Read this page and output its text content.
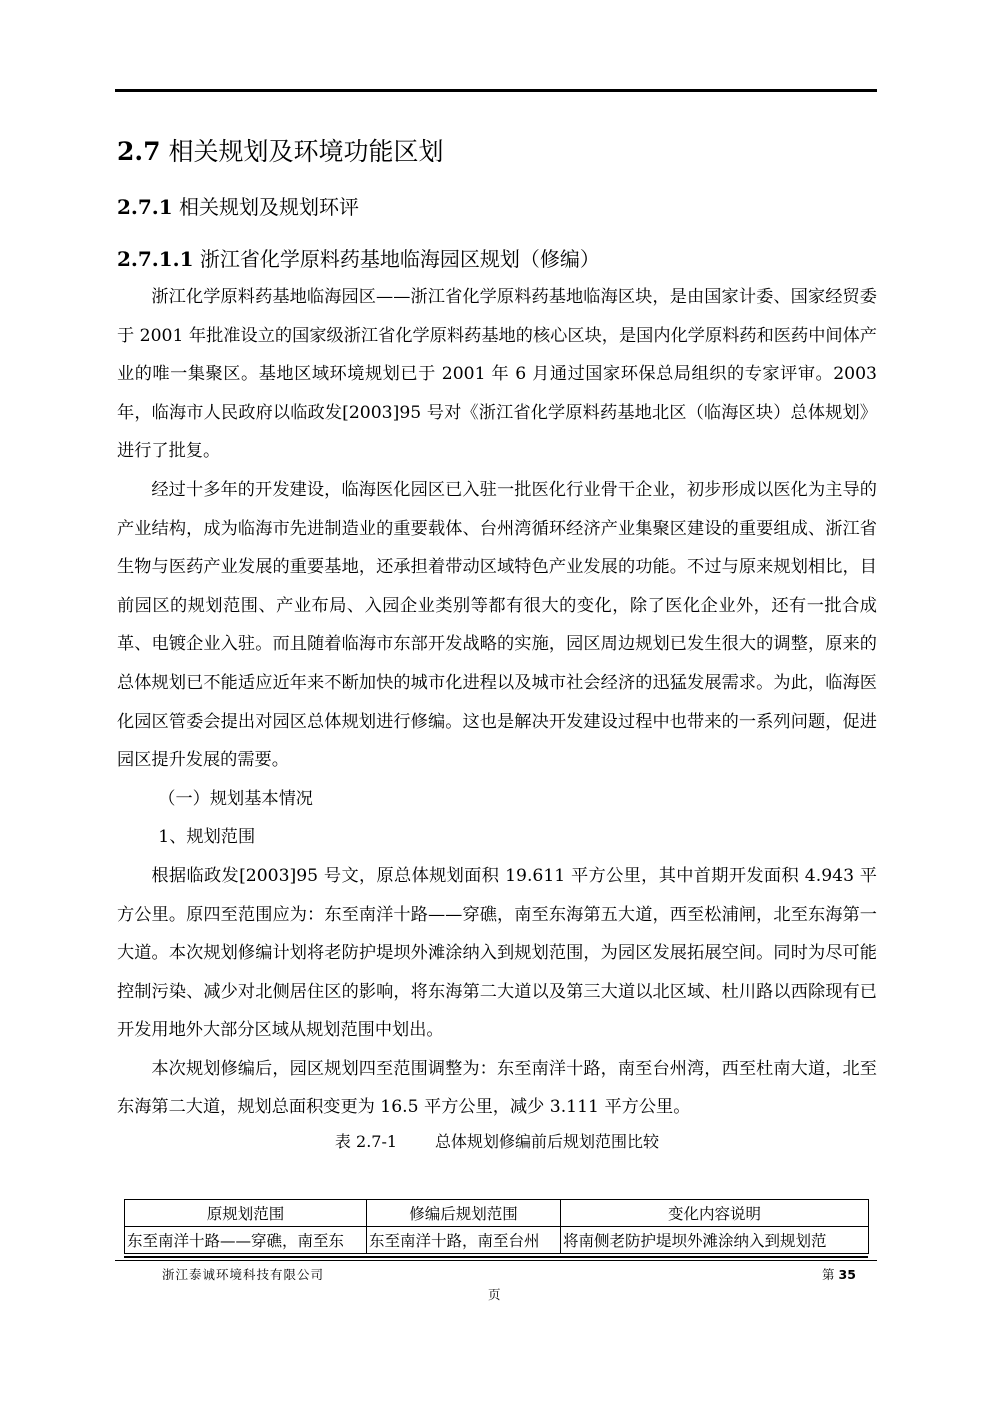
2.7 相关规划及环境功能区划
2.7.1 相关规划及规划环评
2.7.1.1 浙江省化学原料药基地临海园区规划（修编）

浙江化学原料药基地临海园区——浙江省化学原料药基地临海区块，是由国家计委、国家经贸委于 2001 年批准设立的国家级浙江省化学原料药基地的核心区块，是国内化学原料药和医药中间体产业的唯一集聚区。基地区域环境规划已于 2001 年 6 月通过国家环保总局组织的专家评审。2003 年，临海市人民政府以临政发[2003]95 号对《浙江省化学原料药基地北区（临海区块）总体规划》进行了批复。

经过十多年的开发建设，临海医化园区已入驻一批医化行业骨干企业，初步形成以医化为主导的产业结构，成为临海市先进制造业的重要载体、台州湾循环经济产业集聚区建设的重要组成、浙江省生物与医药产业发展的重要基地，还承担着带动区域特色产业发展的功能。不过与原来规划相比，目前园区的规划范围、产业布局、入园企业类别等都有很大的变化，除了医化企业外，还有一批合成革、电镀企业入驻。而且随着临海市东部开发战略的实施，园区周边规划已发生很大的调整，原来的总体规划已不能适应近年来不断加快的城市化进程以及城市社会经济的迅猛发展需求。为此，临海医化园区管委会提出对园区总体规划进行修编。这也是解决开发建设过程中也带来的一系列问题，促进园区提升发展的需要。

（一）规划基本情况

1、规划范围

根据临政发[2003]95 号文，原总体规划面积 19.611 平方公里，其中首期开发面积 4.943 平方公里。原四至范围应为：东至南洋十路——穿礁，南至东海第五大道，西至松浦闸，北至东海第一大道。本次规划修编计划将老防护堤坝外滩涂纳入到规划范围，为园区发展拓展空间。同时为尽可能控制污染、减少对北侧居住区的影响，将东海第二大道以及第三大道以北区域、杜川路以西除现有已开发用地外大部分区域从规划范围中划出。

本次规划修编后，园区规划四至范围调整为：东至南洋十路，南至台州湾，西至杜南大道，北至东海第二大道，规划总面积变更为 16.5 平方公里，减少 3.111 平方公里。

表 2.7-1 总体规划修编前后规划范围比较
原规划范围	修编后规划范围	变化内容说明
东至南洋十路——穿礁，南至东	东至南洋十路，南至台州	将南侧老防护堤坝外滩涂纳入到规划范
浙江泰诚环境科技有限公司	第 35
页
